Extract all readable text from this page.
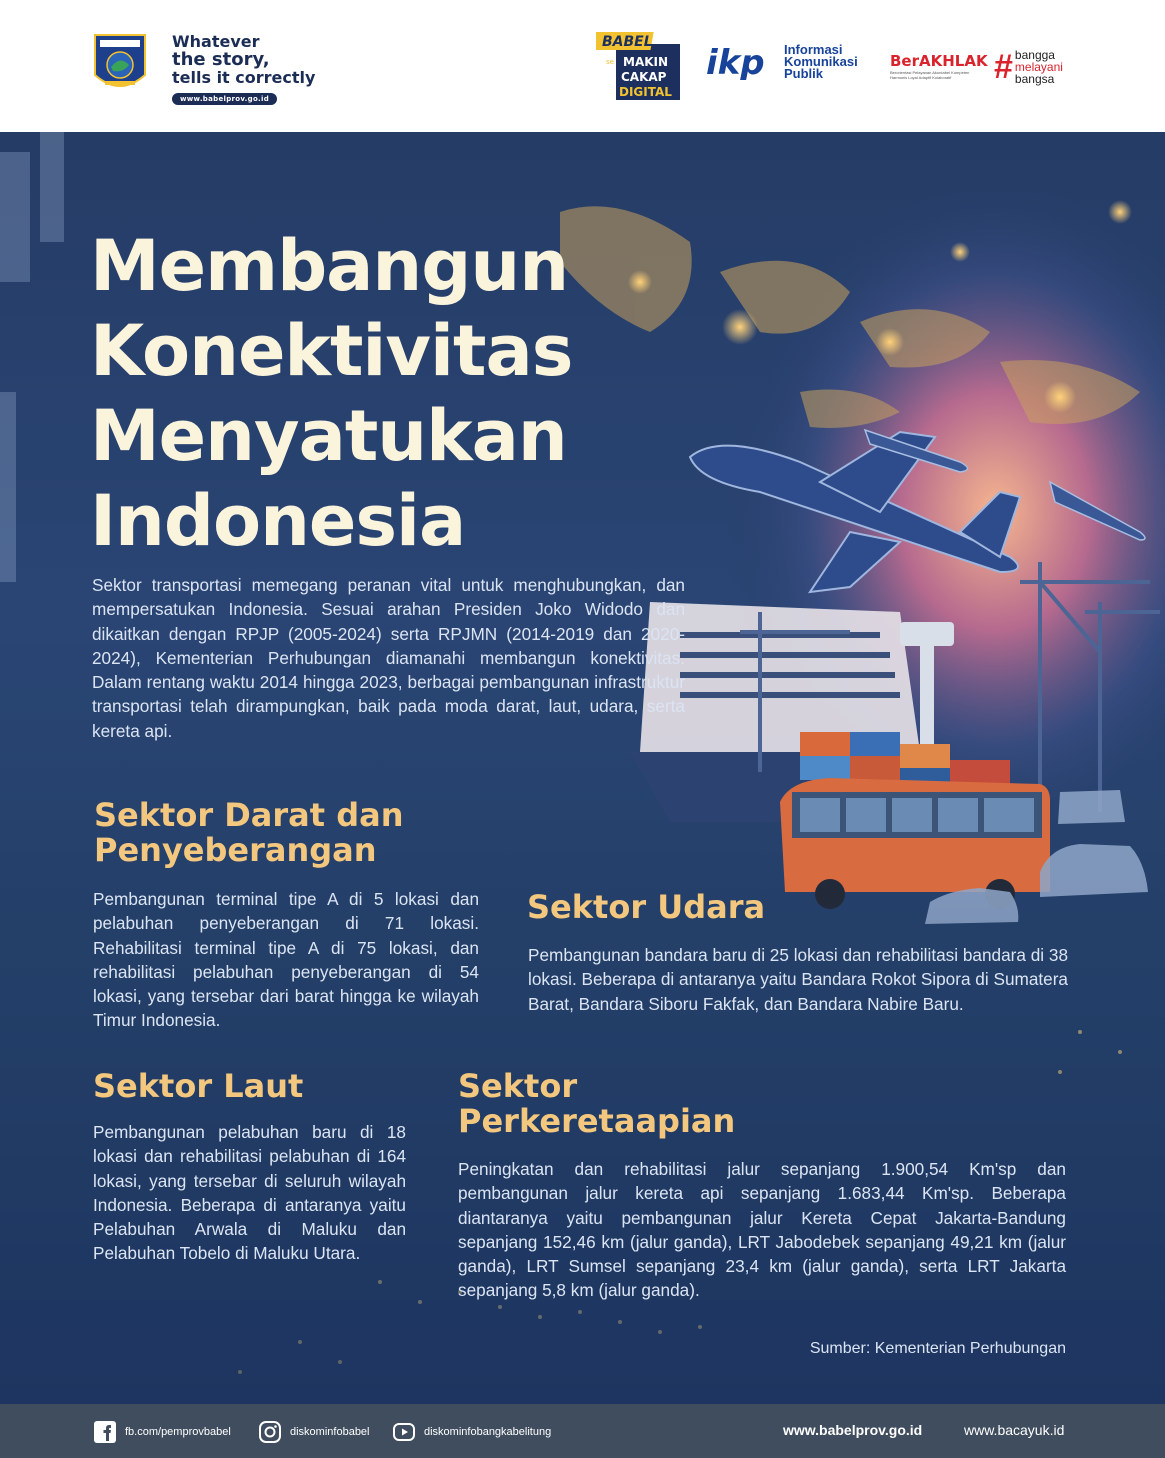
Whatever
the story,
tells it correctly
www.babelprov.go.id
BABEL
se MAKIN
CAKAP
DIGITAL
ikp Informasi
Komunikasi
Publik
BerAKHLAK
Berorientasi Pelayanan Akuntabel Kompeten Harmonis Loyal Adaptif Kolaboratif	# bangga
melayani
bangsa
Membangun
Konektivitas
Menyatukan
Indonesia

Sektor transportasi memegang peranan vital untuk menghubungkan, dan mempersatukan Indonesia. Sesuai arahan Presiden Joko Widodo dan dikaitkan dengan RPJP (2005-2024) serta RPJMN (2014-2019 dan 2020-2024), Kementerian Perhubungan diamanahi membangun konektivitas. Dalam rentang waktu 2014 hingga 2023, berbagai pembangunan infrastruktur transportasi telah dirampungkan, baik pada moda darat, laut, udara, serta kereta api.

Sektor Darat dan
Penyeberangan

Pembangunan terminal tipe A di 5 lokasi dan pelabuhan penyeberangan di 71 lokasi. Rehabilitasi terminal tipe A di 75 lokasi, dan rehabilitasi pelabuhan penyeberangan di 54 lokasi, yang tersebar dari barat hingga ke wilayah Timur Indonesia.

Sektor Udara

Pembangunan bandara baru di 25 lokasi dan rehabilitasi bandara di 38 lokasi. Beberapa di antaranya yaitu Bandara Rokot Sipora di Sumatera Barat, Bandara Siboru Fakfak, dan Bandara Nabire Baru.

Sektor Laut

Pembangunan pelabuhan baru di 18 lokasi dan rehabilitasi pelabuhan di 164 lokasi, yang tersebar di seluruh wilayah Indonesia. Beberapa di antaranya yaitu Pelabuhan Arwala di Maluku dan Pelabuhan Tobelo di Maluku Utara.

Sektor
Perkeretaapian

Peningkatan dan rehabilitasi jalur sepanjang 1.900,54 Km'sp dan pembangunan jalur kereta api sepanjang 1.683,44 Km'sp. Beberapa diantaranya yaitu pembangunan jalur Kereta Cepat Jakarta-Bandung sepanjang 152,46 km (jalur ganda), LRT Jabodebek sepanjang 49,21 km (jalur ganda), LRT Sumsel sepanjang 23,4 km (jalur ganda), serta LRT Jakarta sepanjang 5,8 km (jalur ganda).

Sumber: Kementerian Perhubungan
fb.com/pemprovbabel	diskominfobabel	diskominfobangkabelitung	www.babelprov.go.id	www.bacayuk.id
